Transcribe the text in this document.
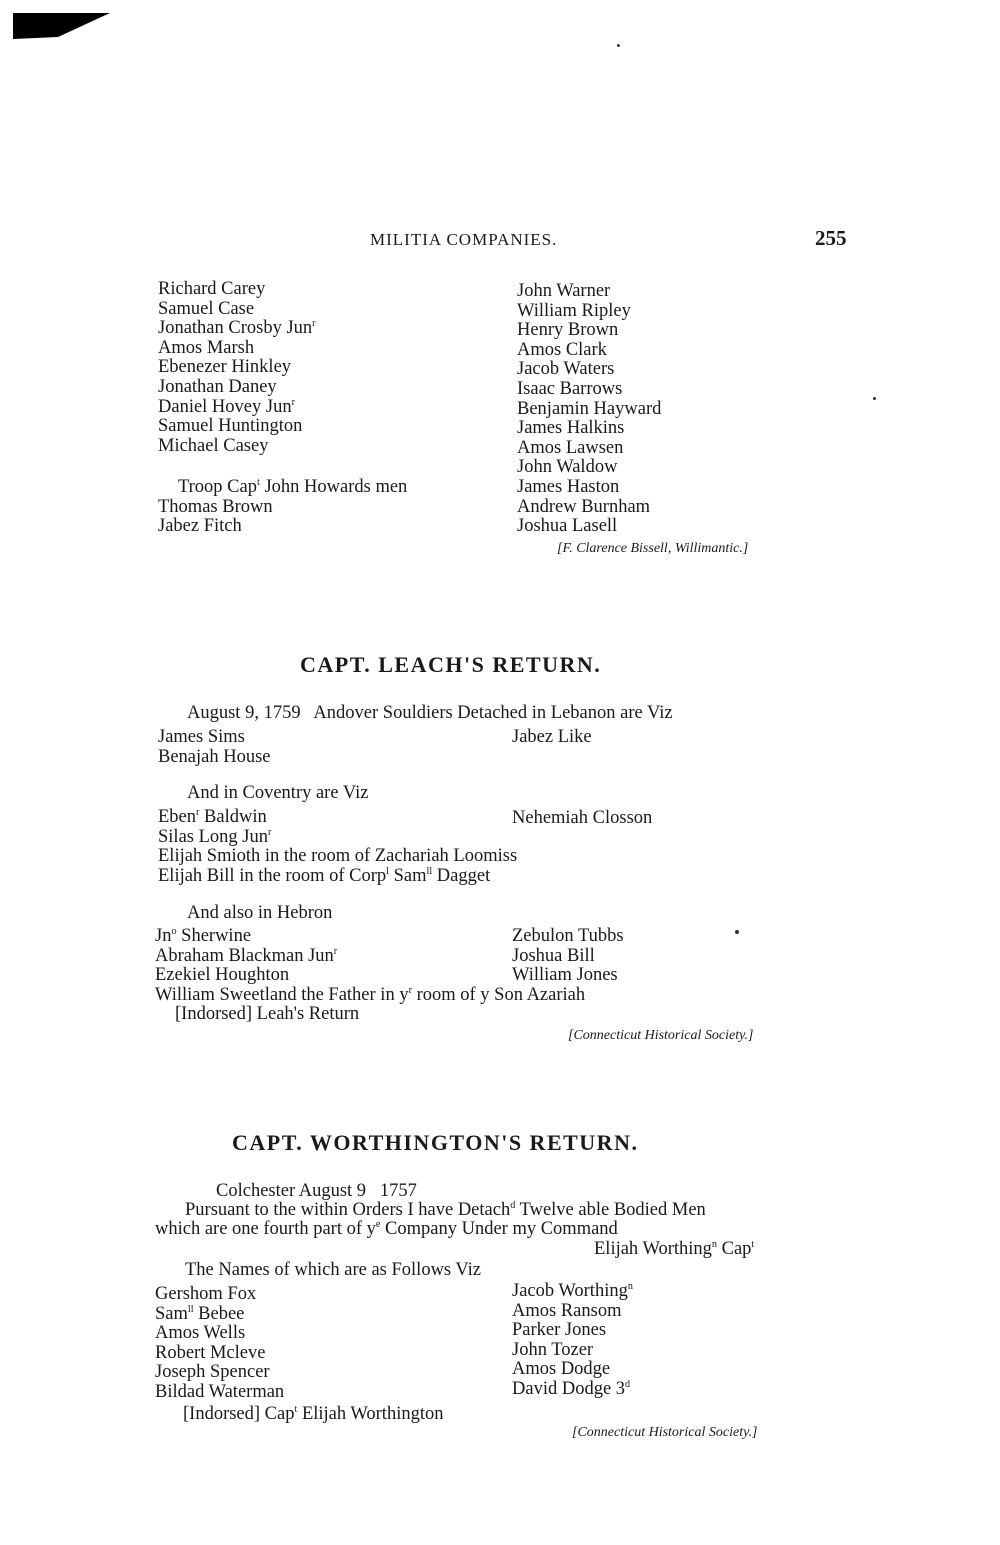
MILITIA COMPANIES.	255
Richard Carey
Samuel Case
Jonathan Crosby Jun$^r$
Amos Marsh
Ebenezer Hinkley
Jonathan Daney
Daniel Hovey Jun$^r$
Samuel Huntington
Michael Casey
Troop Cap$^t$ John Howards men
Thomas Brown
Jabez Fitch
John Warner
William Ripley
Henry Brown
Amos Clark
Jacob Waters
Isaac Barrows
Benjamin Hayward
James Halkins
Amos Lawsen
John Waldow
James Haston
Andrew Burnham
Joshua Lasell
[F. Clarence Bissell, Willimantic.]
CAPT. LEACH'S RETURN.
August 9, 1759   Andover Souldiers Detached in Lebanon are Viz
James Sims
Benajah House
Jabez Like
And in Coventry are Viz
Eben$^r$ Baldwin
Silas Long Jun$^r$
Elijah Smioth in the room of Zachariah Loomiss
Elijah Bill in the room of Corp$^l$ Sam$^{ll}$ Dagget
Nehemiah Closson
And also in Hebron
Jn$^o$ Sherwine
Abraham Blackman Jun$^r$
Ezekiel Houghton
William Sweetland the Father in $y^r$ room of y Son Azariah
[Indorsed] Leah's Return
Zebulon Tubbs
Joshua Bill
William Jones
[Connecticut Historical Society.]
CAPT. WORTHINGTON'S RETURN.
Colchester August 9   1757
Pursuant to the within Orders I have Detach$^d$ Twelve able Bodied Men
which are one fourth part of $y^e$ Company Under my Command
Elijah Worthing$^n$ Cap$^t$
The Names of which are as Follows Viz
Gershom Fox
Sam$^{ll}$ Bebee
Amos Wells
Robert Mcleve
Joseph Spencer
Bildad Waterman
[Indorsed] Cap$^t$ Elijah Worthington
Jacob Worthing$^n$
Amos Ransom
Parker Jones
John Tozer
Amos Dodge
David Dodge 3$^d$
[Connecticut Historical Society.]
